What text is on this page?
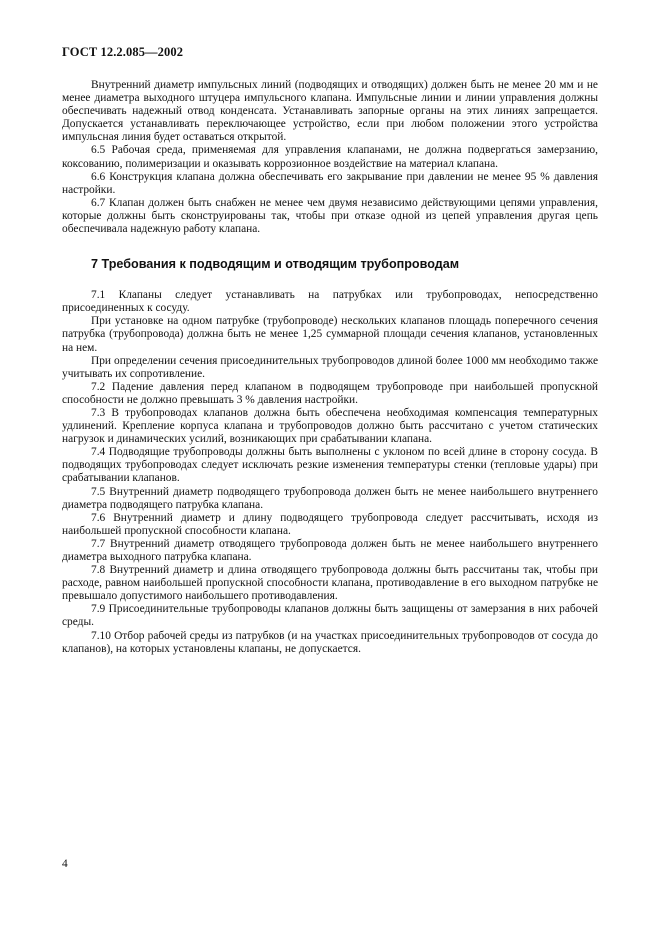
ГОСТ 12.2.085—2002

Внутренний диаметр импульсных линий (подводящих и отводящих) должен быть не менее 20 мм и не менее диаметра выходного штуцера импульсного клапана. Импульсные линии и линии управления должны обеспечивать надежный отвод конденсата. Устанавливать запорные органы на этих линиях запрещается. Допускается устанавливать переключающее устройство, если при любом положении этого устройства импульсная линия будет оставаться открытой.

6.5 Рабочая среда, применяемая для управления клапанами, не должна подвергаться замерзанию, коксованию, полимеризации и оказывать коррозионное воздействие на материал клапана.

6.6 Конструкция клапана должна обеспечивать его закрывание при давлении не менее 95 % давления настройки.

6.7 Клапан должен быть снабжен не менее чем двумя независимо действующими цепями управления, которые должны быть сконструированы так, чтобы при отказе одной из цепей управления другая цепь обеспечивала надежную работу клапана.

7 Требования к подводящим и отводящим трубопроводам

7.1 Клапаны следует устанавливать на патрубках или трубопроводах, непосредственно присоединенных к сосуду.

При установке на одном патрубке (трубопроводе) нескольких клапанов площадь поперечного сечения патрубка (трубопровода) должна быть не менее 1,25 суммарной площади сечения клапанов, установленных на нем.

При определении сечения присоединительных трубопроводов длиной более 1000 мм необходимо также учитывать их сопротивление.

7.2 Падение давления перед клапаном в подводящем трубопроводе при наибольшей пропускной способности не должно превышать 3 % давления настройки.

7.3 В трубопроводах клапанов должна быть обеспечена необходимая компенсация температурных удлинений. Крепление корпуса клапана и трубопроводов должно быть рассчитано с учетом статических нагрузок и динамических усилий, возникающих при срабатывании клапана.

7.4 Подводящие трубопроводы должны быть выполнены с уклоном по всей длине в сторону сосуда. В подводящих трубопроводах следует исключать резкие изменения температуры стенки (тепловые удары) при срабатывании клапанов.

7.5 Внутренний диаметр подводящего трубопровода должен быть не менее наибольшего внутреннего диаметра подводящего патрубка клапана.

7.6 Внутренний диаметр и длину подводящего трубопровода следует рассчитывать, исходя из наибольшей пропускной способности клапана.

7.7 Внутренний диаметр отводящего трубопровода должен быть не менее наибольшего внутреннего диаметра выходного патрубка клапана.

7.8 Внутренний диаметр и длина отводящего трубопровода должны быть рассчитаны так, чтобы при расходе, равном наибольшей пропускной способности клапана, противодавление в его выходном патрубке не превышало допустимого наибольшего противодавления.

7.9 Присоединительные трубопроводы клапанов должны быть защищены от замерзания в них рабочей среды.

7.10 Отбор рабочей среды из патрубков (и на участках присоединительных трубопроводов от сосуда до клапанов), на которых установлены клапаны, не допускается.

4
